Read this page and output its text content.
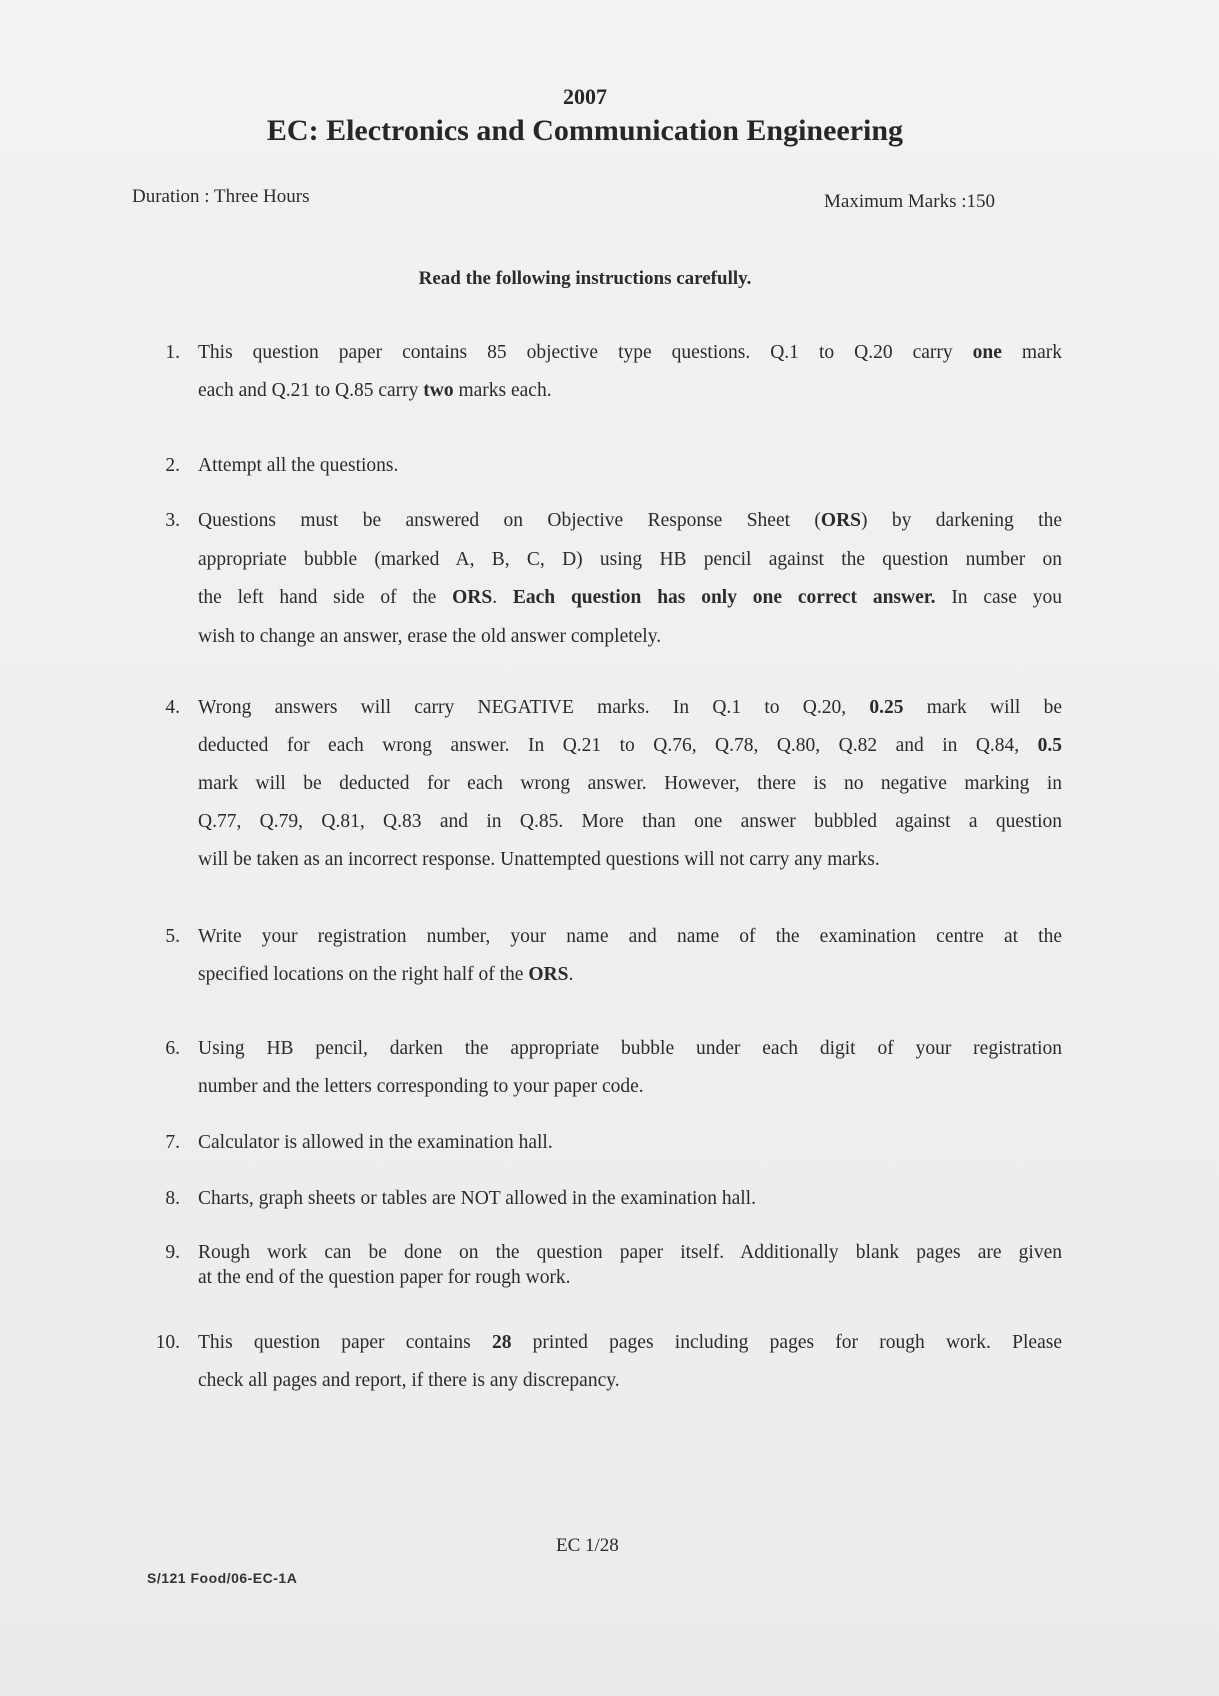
2007
EC: Electronics and Communication Engineering
Duration : Three Hours	Maximum Marks :150
Read the following instructions carefully.
1. This question paper contains 85 objective type questions. Q.1 to Q.20 carry one mark
each and Q.21 to Q.85 carry two marks each.
2. Attempt all the questions.
3. Questions must be answered on Objective Response Sheet (ORS) by darkening the
appropriate bubble (marked A, B, C, D) using HB pencil against the question number on
the left hand side of the ORS. Each question has only one correct answer. In case you
wish to change an answer, erase the old answer completely.
4. Wrong answers will carry NEGATIVE marks. In Q.1 to Q.20, 0.25 mark will be
deducted for each wrong answer. In Q.21 to Q.76, Q.78, Q.80, Q.82 and in Q.84, 0.5
mark will be deducted for each wrong answer. However, there is no negative marking in
Q.77, Q.79, Q.81, Q.83 and in Q.85. More than one answer bubbled against a question
will be taken as an incorrect response. Unattempted questions will not carry any marks.
5. Write your registration number, your name and name of the examination centre at the
specified locations on the right half of the ORS.
6. Using HB pencil, darken the appropriate bubble under each digit of your registration
number and the letters corresponding to your paper code.
7. Calculator is allowed in the examination hall.
8. Charts, graph sheets or tables are NOT allowed in the examination hall.
9. Rough work can be done on the question paper itself. Additionally blank pages are given
at the end of the question paper for rough work.
10. This question paper contains 28 printed pages including pages for rough work. Please
check all pages and report, if there is any discrepancy.
EC 1/28
S/121 Food/06-EC-1A
